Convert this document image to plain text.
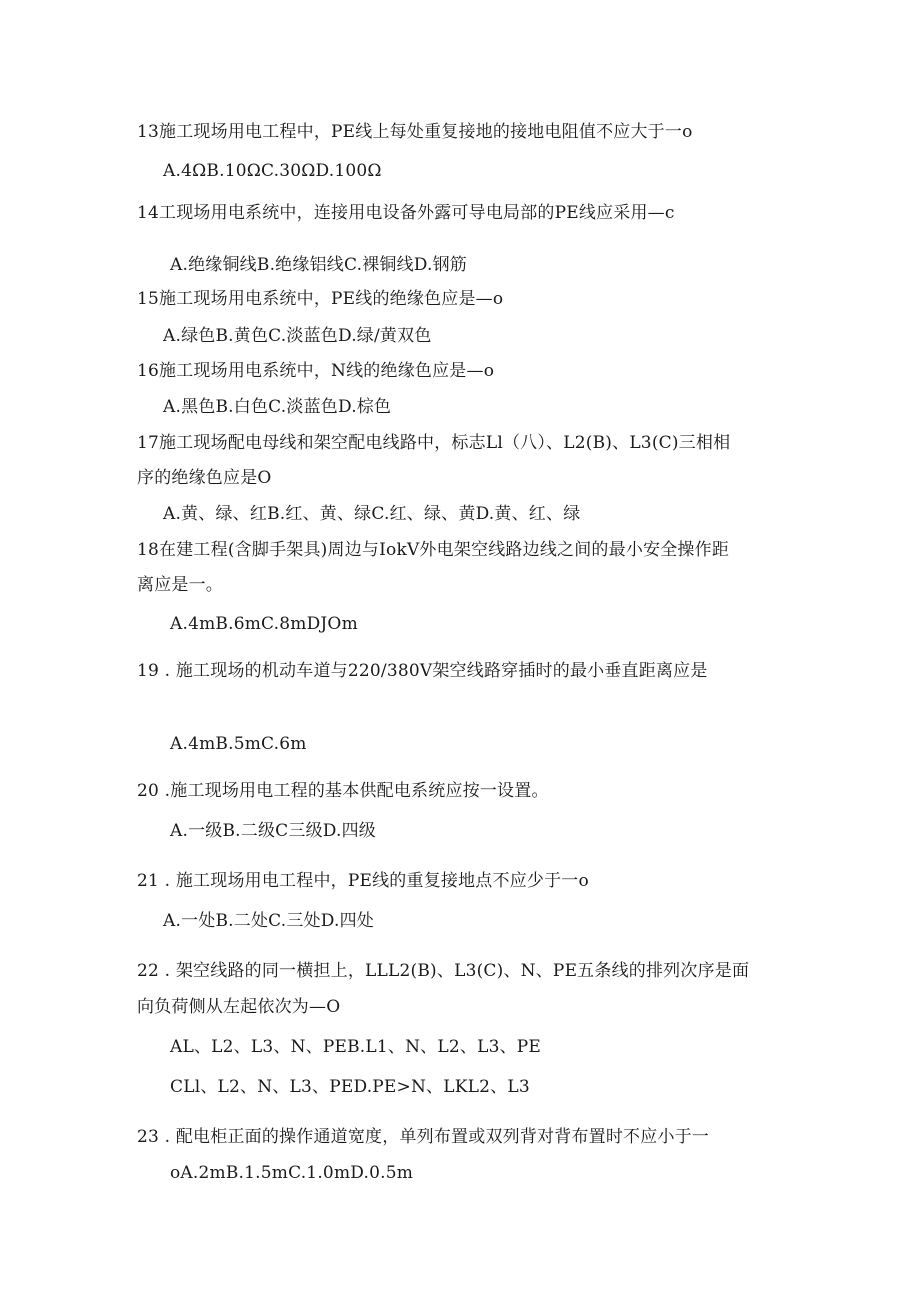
13施工现场用电工程中，PE线上每处重复接地的接地电阻值不应大于一o
A.4ΩB.10ΩC.30ΩD.100Ω
14工现场用电系统中，连接用电设备外露可导电局部的PE线应采用—c
A.绝缘铜线B.绝缘铝线C.裸铜线D.钢筋
15施工现场用电系统中，PE线的绝缘色应是—o
A.绿色B.黄色C.淡蓝色D.绿/黄双色
16施工现场用电系统中，N线的绝缘色应是—o
A.黑色B.白色C.淡蓝色D.棕色
17施工现场配电母线和架空配电线路中，标志Ll（八）、L2(B)、L3(C)三相相
序的绝缘色应是O
A.黄、绿、红B.红、黄、绿C.红、绿、黄D.黄、红、绿
18在建工程(含脚手架具)周边与IokV外电架空线路边线之间的最小安全操作距
离应是一。
A.4mB.6mC.8mDJOm
19 . 施工现场的机动车道与220/380V架空线路穿插时的最小垂直距离应是
A.4mB.5mC.6m
20 .施工现场用电工程的基本供配电系统应按一设置。
A.一级B.二级C三级D.四级
21 . 施工现场用电工程中，PE线的重复接地点不应少于一o
A.一处B.二处C.三处D.四处
22 . 架空线路的同一横担上，LLL2(B)、L3(C)、N、PE五条线的排列次序是面
向负荷侧从左起依次为—O
AL、L2、L3、N、PEB.L1、N、L2、L3、PE
CLl、L2、N、L3、PED.PE>N、LKL2、L3
23 . 配电柜正面的操作通道宽度，单列布置或双列背对背布置时不应小于一
oA.2mB.1.5mC.1.0mD.0.5m
